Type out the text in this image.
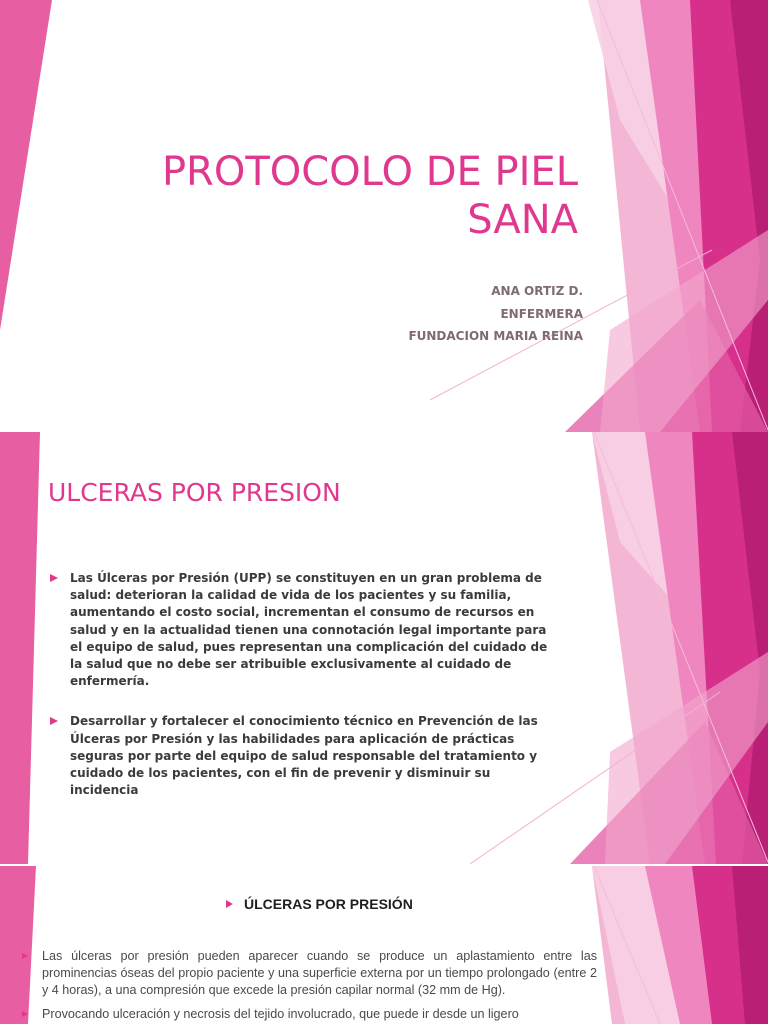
PROTOCOLO DE PIEL SANA
ANA ORTIZ D.
ENFERMERA
FUNDACION MARIA REINA
ULCERAS POR PRESION
Las Úlceras por Presión (UPP) se constituyen en un gran problema de salud: deterioran la calidad de vida de los pacientes y su familia, aumentando el costo social, incrementan el consumo de recursos en salud y en la actualidad tienen una connotación legal importante para el equipo de salud, pues representan una complicación del cuidado de la salud que no debe ser atribuible exclusivamente al cuidado de enfermería.
Desarrollar y fortalecer el conocimiento técnico en Prevención de las Úlceras por Presión y las habilidades para aplicación de prácticas seguras por parte del equipo de salud responsable del tratamiento y cuidado de los pacientes, con el fin de prevenir y disminuir su incidencia
ÚLCERAS POR PRESIÓN
Las úlceras por presión pueden aparecer cuando se produce un aplastamiento entre las prominencias óseas del propio paciente y una superficie externa por un tiempo prolongado (entre 2 y 4 horas), a una compresión que excede la presión capilar normal (32 mm de Hg).
Provocando ulceración y necrosis del tejido involucrado, que puede ir desde un ligero
